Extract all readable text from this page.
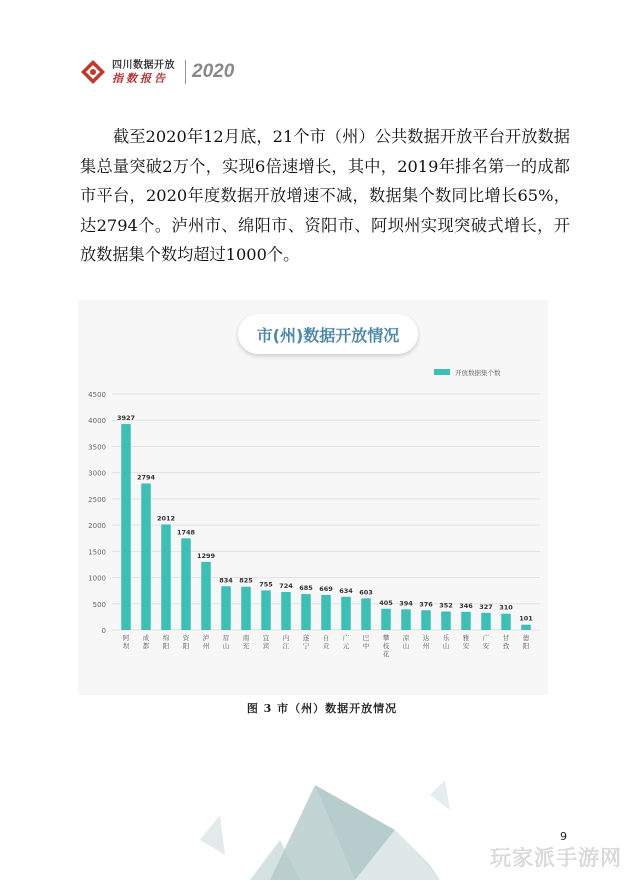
四川数据开放
指数报告	2020

截至2020年12月底，21个市（州）公共数据开放平台开放数据集总量突破2万个，实现6倍速增长，其中，2019年排名第一的成都市平台，2020年度数据开放增速不减，数据集个数同比增长65%，达2794个。泸州市、绵阳市、资阳市、阿坝州实现突破式增长，开放数据集个数均超过1000个。

0
500
1000
1500
2000
2500
3000
3500
4000
4500
开放数据集个数
3927
阿坝
2794
成都
2012
绵阳
1748
资阳
1299
泸州
834
眉山
825
南充
755
宜宾
724
内江
685
遂宁
669
自贡
634
广元
603
巴中
405
攀枝花
394
凉山
376
达州
352
乐山
346
雅安
327
广安
310
甘孜
101
德阳
市(州)数据开放情况
图 3 市（州）数据开放情况
9
玩家派手游网
